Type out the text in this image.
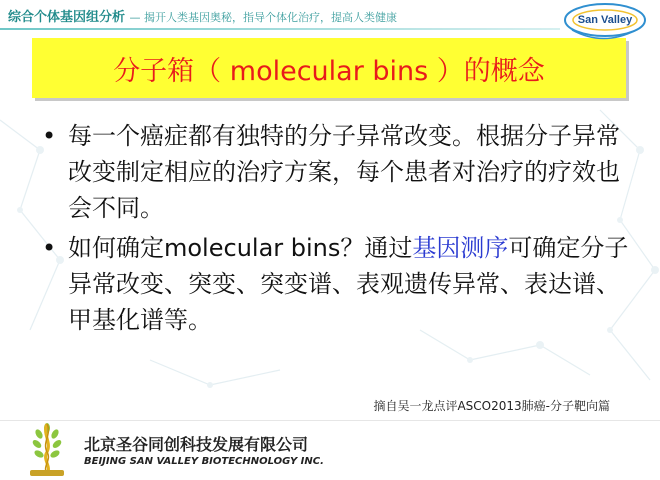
综合个体基因组分析 — 揭开人类基因奥秘，指导个体化治疗，提高人类健康	San Valley
分子箱（ molecular bins ）的概念
• 每一个癌症都有独特的分子异常改变。根据分子异常改变制定相应的治疗方案，每个患者对治疗的疗效也会不同。
• 如何确定molecular bins？通过基因测序可确定分子异常改变、突变、突变谱、表观遗传异常、表达谱、甲基化谱等。
摘自吴一龙点评ASCO2013肺癌-分子靶向篇
北京圣谷同创科技发展有限公司
BEIJING SAN VALLEY BIOTECHNOLOGY INC.
